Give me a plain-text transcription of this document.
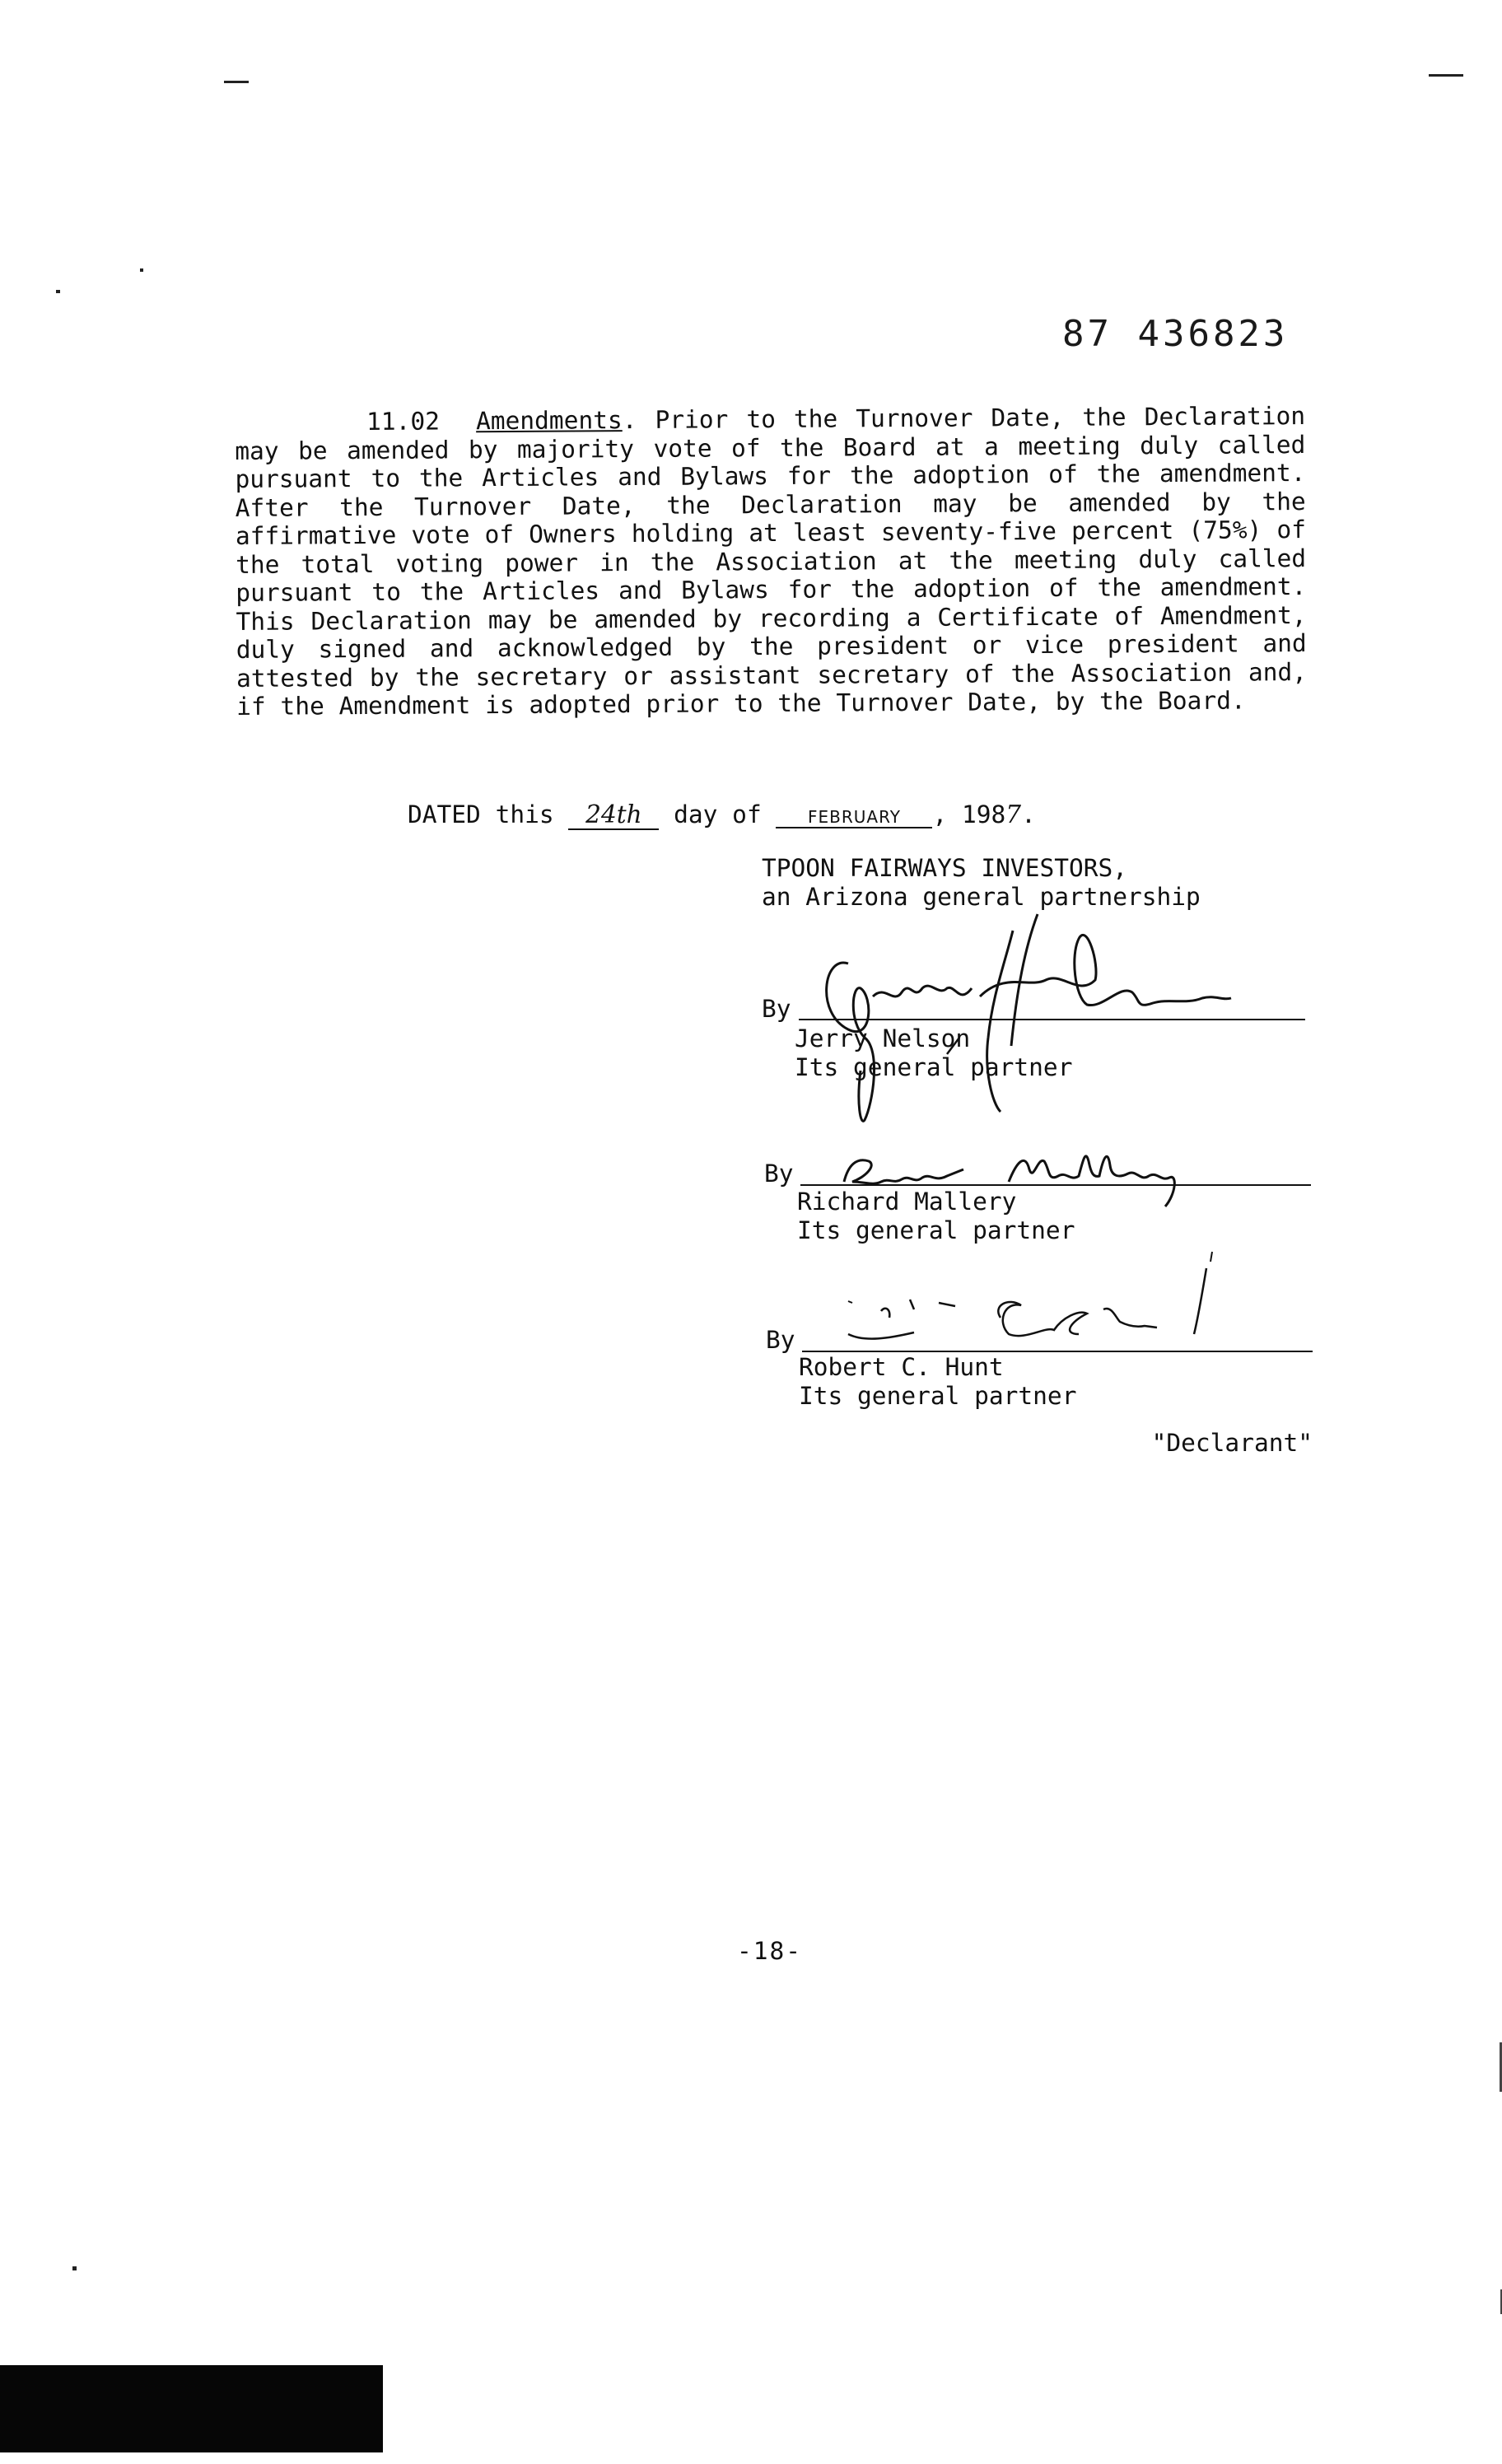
87 436823
11.02 Amendments. Prior to the Turnover Date, the Declaration may be amended by majority vote of the Board at a meeting duly called pursuant to the Articles and Bylaws for the adoption of the amendment. After the Turnover Date, the Declaration may be amended by the affirmative vote of Owners holding at least seventy-five percent (75%) of the total voting power in the Association at the meeting duly called pursuant to the Articles and Bylaws for the adoption of the amendment. This Declaration may be amended by recording a Certificate of Amendment, duly signed and acknowledged by the president or vice president and attested by the secretary or assistant secretary of the Association and, if the Amendment is adopted prior to the Turnover Date, by the Board.
DATED this 24th day of	FEBRUARY , 1987.
TPOON FAIRWAYS INVESTORS,
an Arizona general partnership
By
Jerry Nelson
Its general partner
By
Richard Mallery
Its general partner
By
Robert C. Hunt
Its general partner
"Declarant"
-18-
